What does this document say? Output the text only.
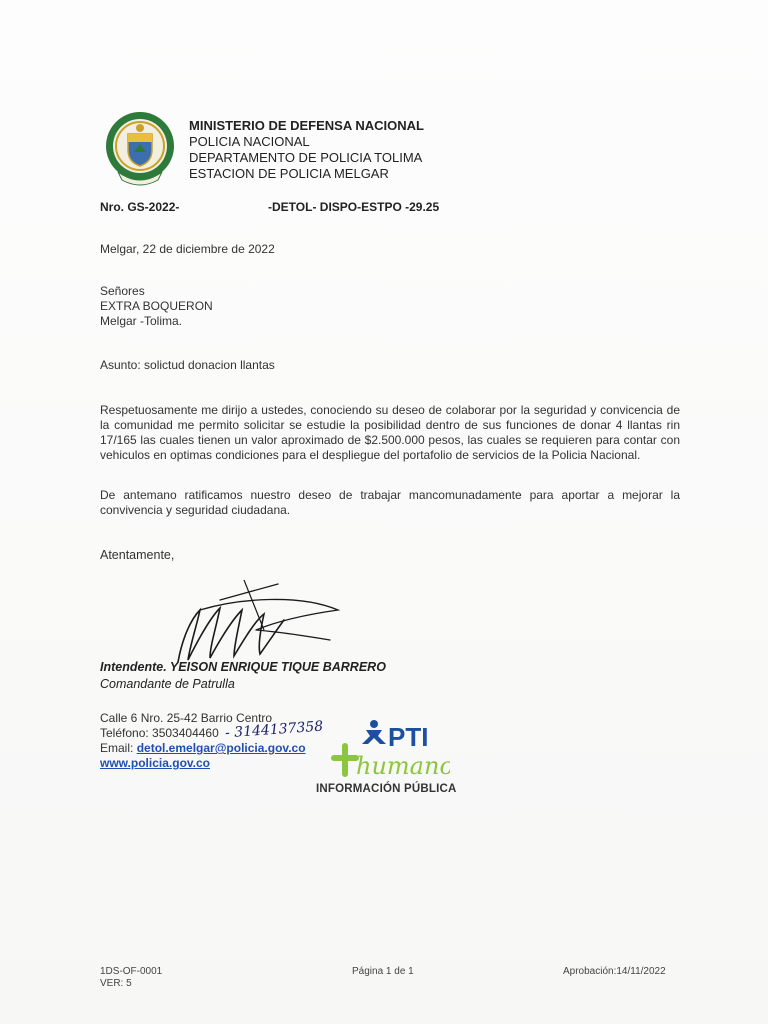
MINISTERIO DE DEFENSA NACIONAL
POLICIA NACIONAL
DEPARTAMENTO DE POLICIA TOLIMA
ESTACION DE POLICIA MELGAR
Nro. GS-2022-	-DETOL- DISPO-ESTPO -29.25
Melgar, 22 de diciembre de 2022
Señores
EXTRA BOQUERON
Melgar -Tolima.
Asunto: solictud donacion llantas
Respetuosamente me dirijo a ustedes, conociendo su deseo de colaborar por la seguridad y convicencia de la comunidad me permito solicitar se estudie la posibilidad dentro de sus funciones de donar 4 llantas rin 17/165 las cuales tienen un valor aproximado de $2.500.000 pesos, las cuales se requieren para contar con vehiculos en optimas condiciones para el despliegue del portafolio de servicios de la Policia Nacional.
De antemano ratificamos nuestro deseo de trabajar mancomunadamente para aportar a mejorar la convivencia y seguridad ciudadana.
Atentamente,
Intendente. YEISON ENRIQUE TIQUE BARRERO
Comandante de Patrulla
Calle 6 Nro. 25-42 Barrio Centro
Teléfono: 3503404460
Email: detol.emelgar@policia.gov.co
www.policia.gov.co
- 3144137358 PTI
humano
INFORMACIÓN PÚBLICA
1DS-OF-0001
VER: 5
Página 1 de 1	Aprobación:14/11/2022
